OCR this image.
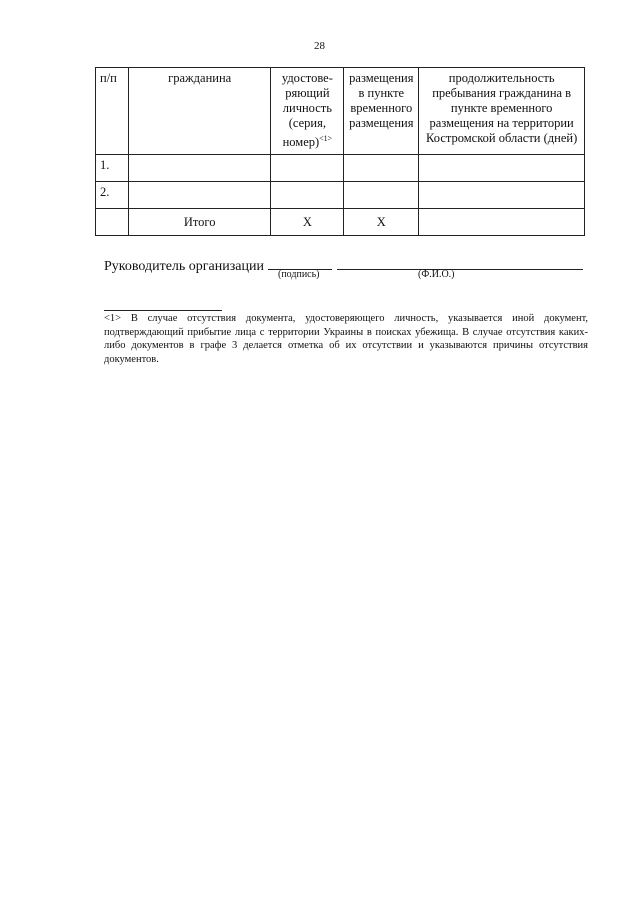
28
п/п	гражданина	удостове-ряющий личность (серия, номер)$^{<1>}$	размещения в пункте временного размещения	продолжительность пребывания гражданина в пункте временного размещения на территории Костромской области (дней)
1.				
2.				
	Итого	X	X	
Руководитель организации
(подпись)	(Ф.И.О.)
<1> В случае отсутствия документа, удостоверяющего личность, указывается иной документ, подтверждающий прибытие лица с территории Украины в поисках убежища. В случае отсутствия каких-либо документов в графе 3 делается отметка об их отсутствии и указываются причины отсутствия документов.
